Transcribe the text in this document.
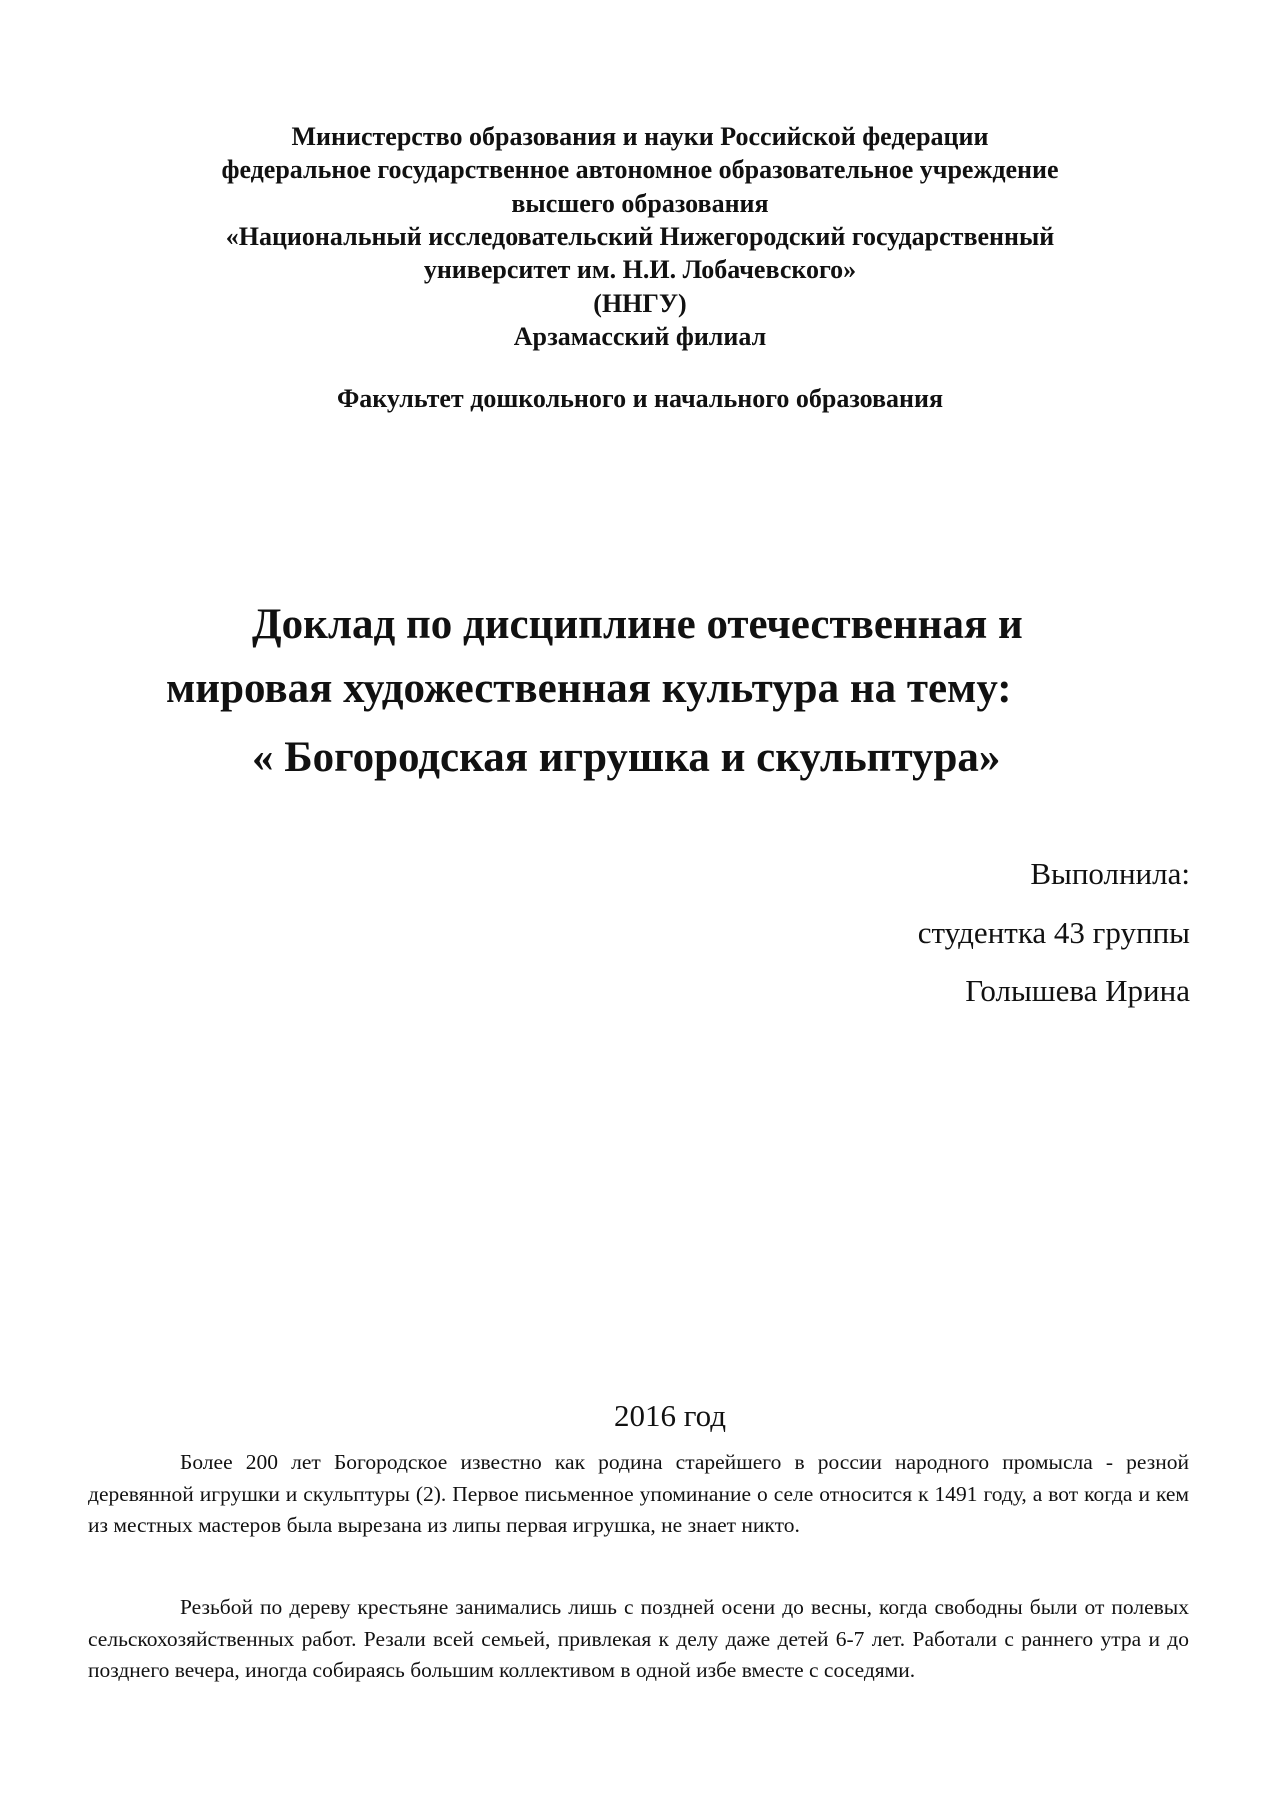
Министерство образования и науки Российской федерации
федеральное государственное автономное образовательное учреждение
высшего образования
«Национальный исследовательский Нижегородский государственный
университет им. Н.И. Лобачевского»
(ННГУ)
Арзамасский филиал
Факультет дошкольного и начального образования
Доклад по дисциплине отечественная и
мировая художественная культура на тему:
« Богородская игрушка и скульптура»
Выполнила:
студентка 43 группы
Голышева Ирина
2016 год
Более 200 лет Богородское известно как родина старейшего в россии народного промысла - резной деревянной игрушки и скульптуры (2). Первое письменное упоминание о селе относится к 1491 году, а вот когда и кем из местных мастеров была вырезана из липы первая игрушка, не знает никто.
Резьбой по дереву крестьяне занимались лишь с поздней осени до весны, когда свободны были от полевых сельскохозяйственных работ. Резали всей семьей, привлекая к делу даже детей 6-7 лет. Работали с раннего утра и до позднего вечера, иногда собираясь большим коллективом в одной избе вместе с соседями.
